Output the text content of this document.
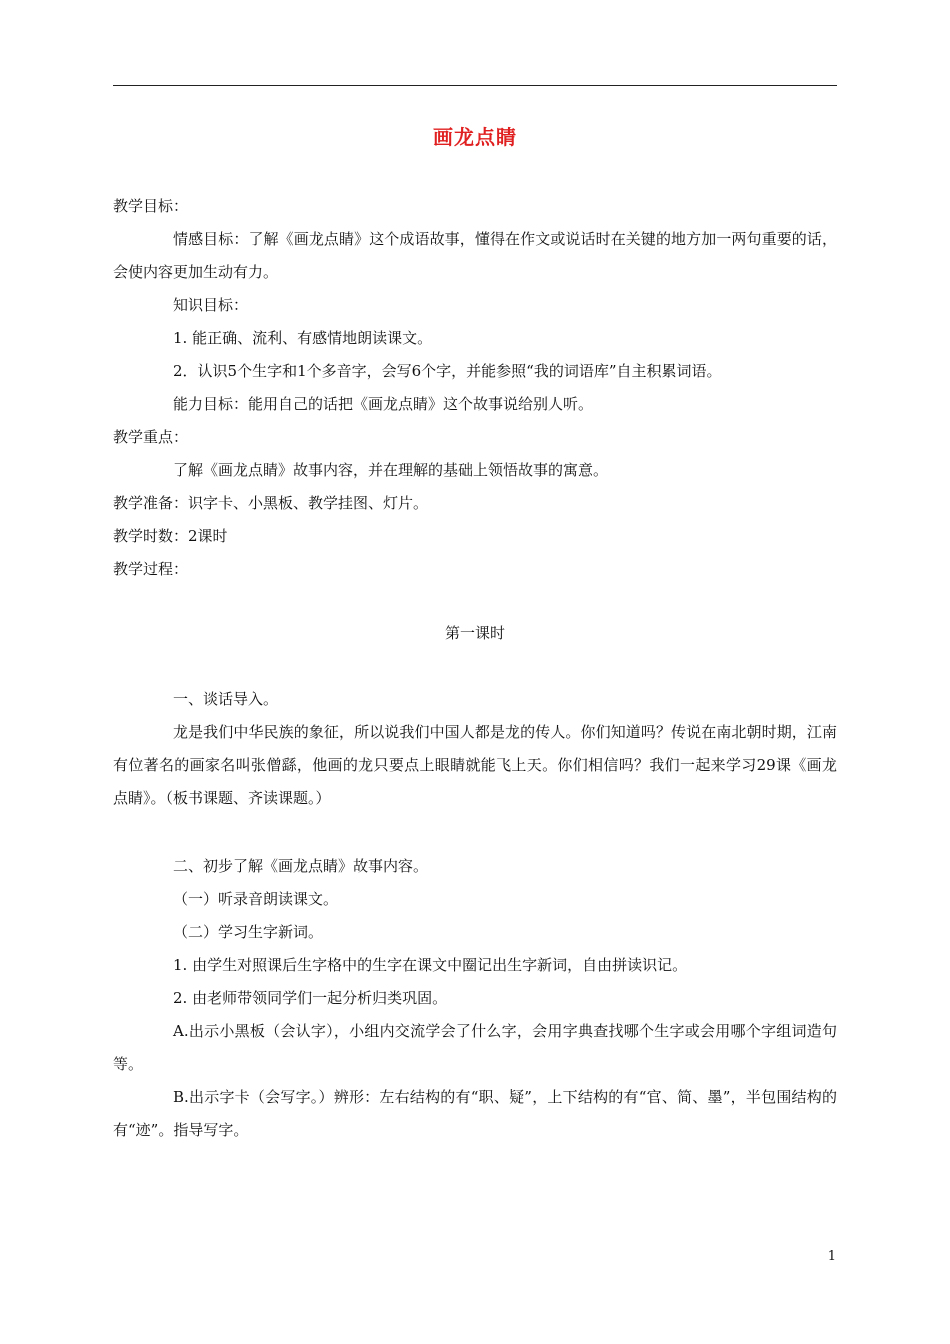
画龙点睛

教学目标：

情感目标：了解《画龙点睛》这个成语故事，懂得在作文或说话时在关键的地方加一两句重要的话，会使内容更加生动有力。

知识目标：

1. 能正确、流利、有感情地朗读课文。

2．认识5个生字和1个多音字，会写6个字，并能参照“我的词语库”自主积累词语。

能力目标：能用自己的话把《画龙点睛》这个故事说给别人听。

教学重点：

了解《画龙点睛》故事内容，并在理解的基础上领悟故事的寓意。

教学准备：识字卡、小黑板、教学挂图、灯片。

教学时数：2课时

教学过程：

第一课时

一、谈话导入。

龙是我们中华民族的象征，所以说我们中国人都是龙的传人。你们知道吗？传说在南北朝时期，江南有位著名的画家名叫张僧繇，他画的龙只要点上眼睛就能飞上天。你们相信吗？我们一起来学习29课《画龙点睛》。（板书课题、齐读课题。）

二、初步了解《画龙点睛》故事内容。

（一）听录音朗读课文。

（二）学习生字新词。

1. 由学生对照课后生字格中的生字在课文中圈记出生字新词，自由拼读识记。

2. 由老师带领同学们一起分析归类巩固。

A.出示小黑板（会认字），小组内交流学会了什么字，会用字典查找哪个生字或会用哪个字组词造句等。

B.出示字卡（会写字。）辨形：左右结构的有“职、疑”，上下结构的有“官、简、墨”，半包围结构的有“迹”。指导写字。

1
